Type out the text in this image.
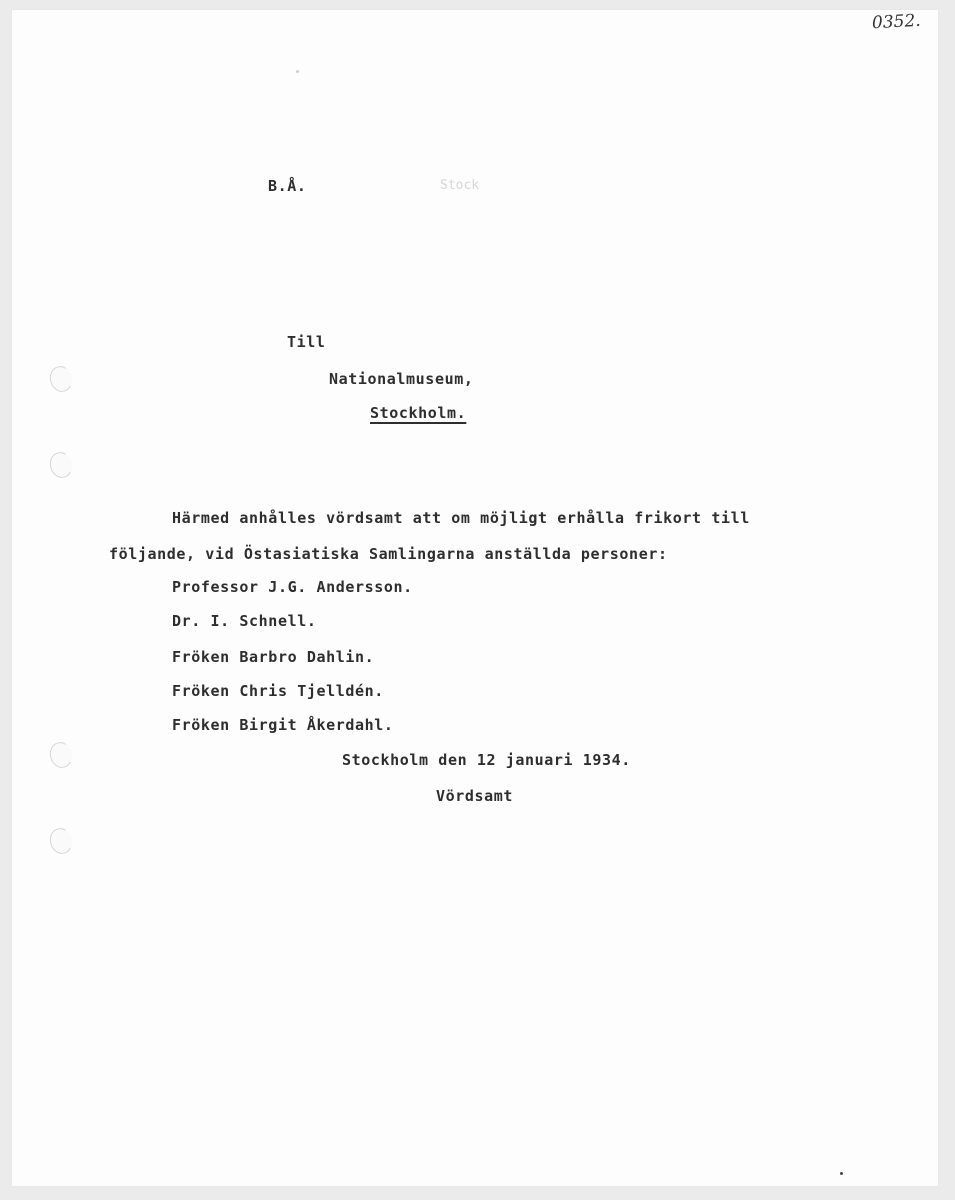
0352.
Stock

B.Å.

Till

Nationalmuseum,

Stockholm.

Härmed anhålles vördsamt att om möjligt erhålla frikort till

följande, vid Östasiatiska Samlingarna anställda personer:

Professor J.G. Andersson.

Dr. I. Schnell.

Fröken Barbro Dahlin.

Fröken Chris Tjelldén.

Fröken Birgit Åkerdahl.

Stockholm den 12 januari 1934.

Vördsamt
